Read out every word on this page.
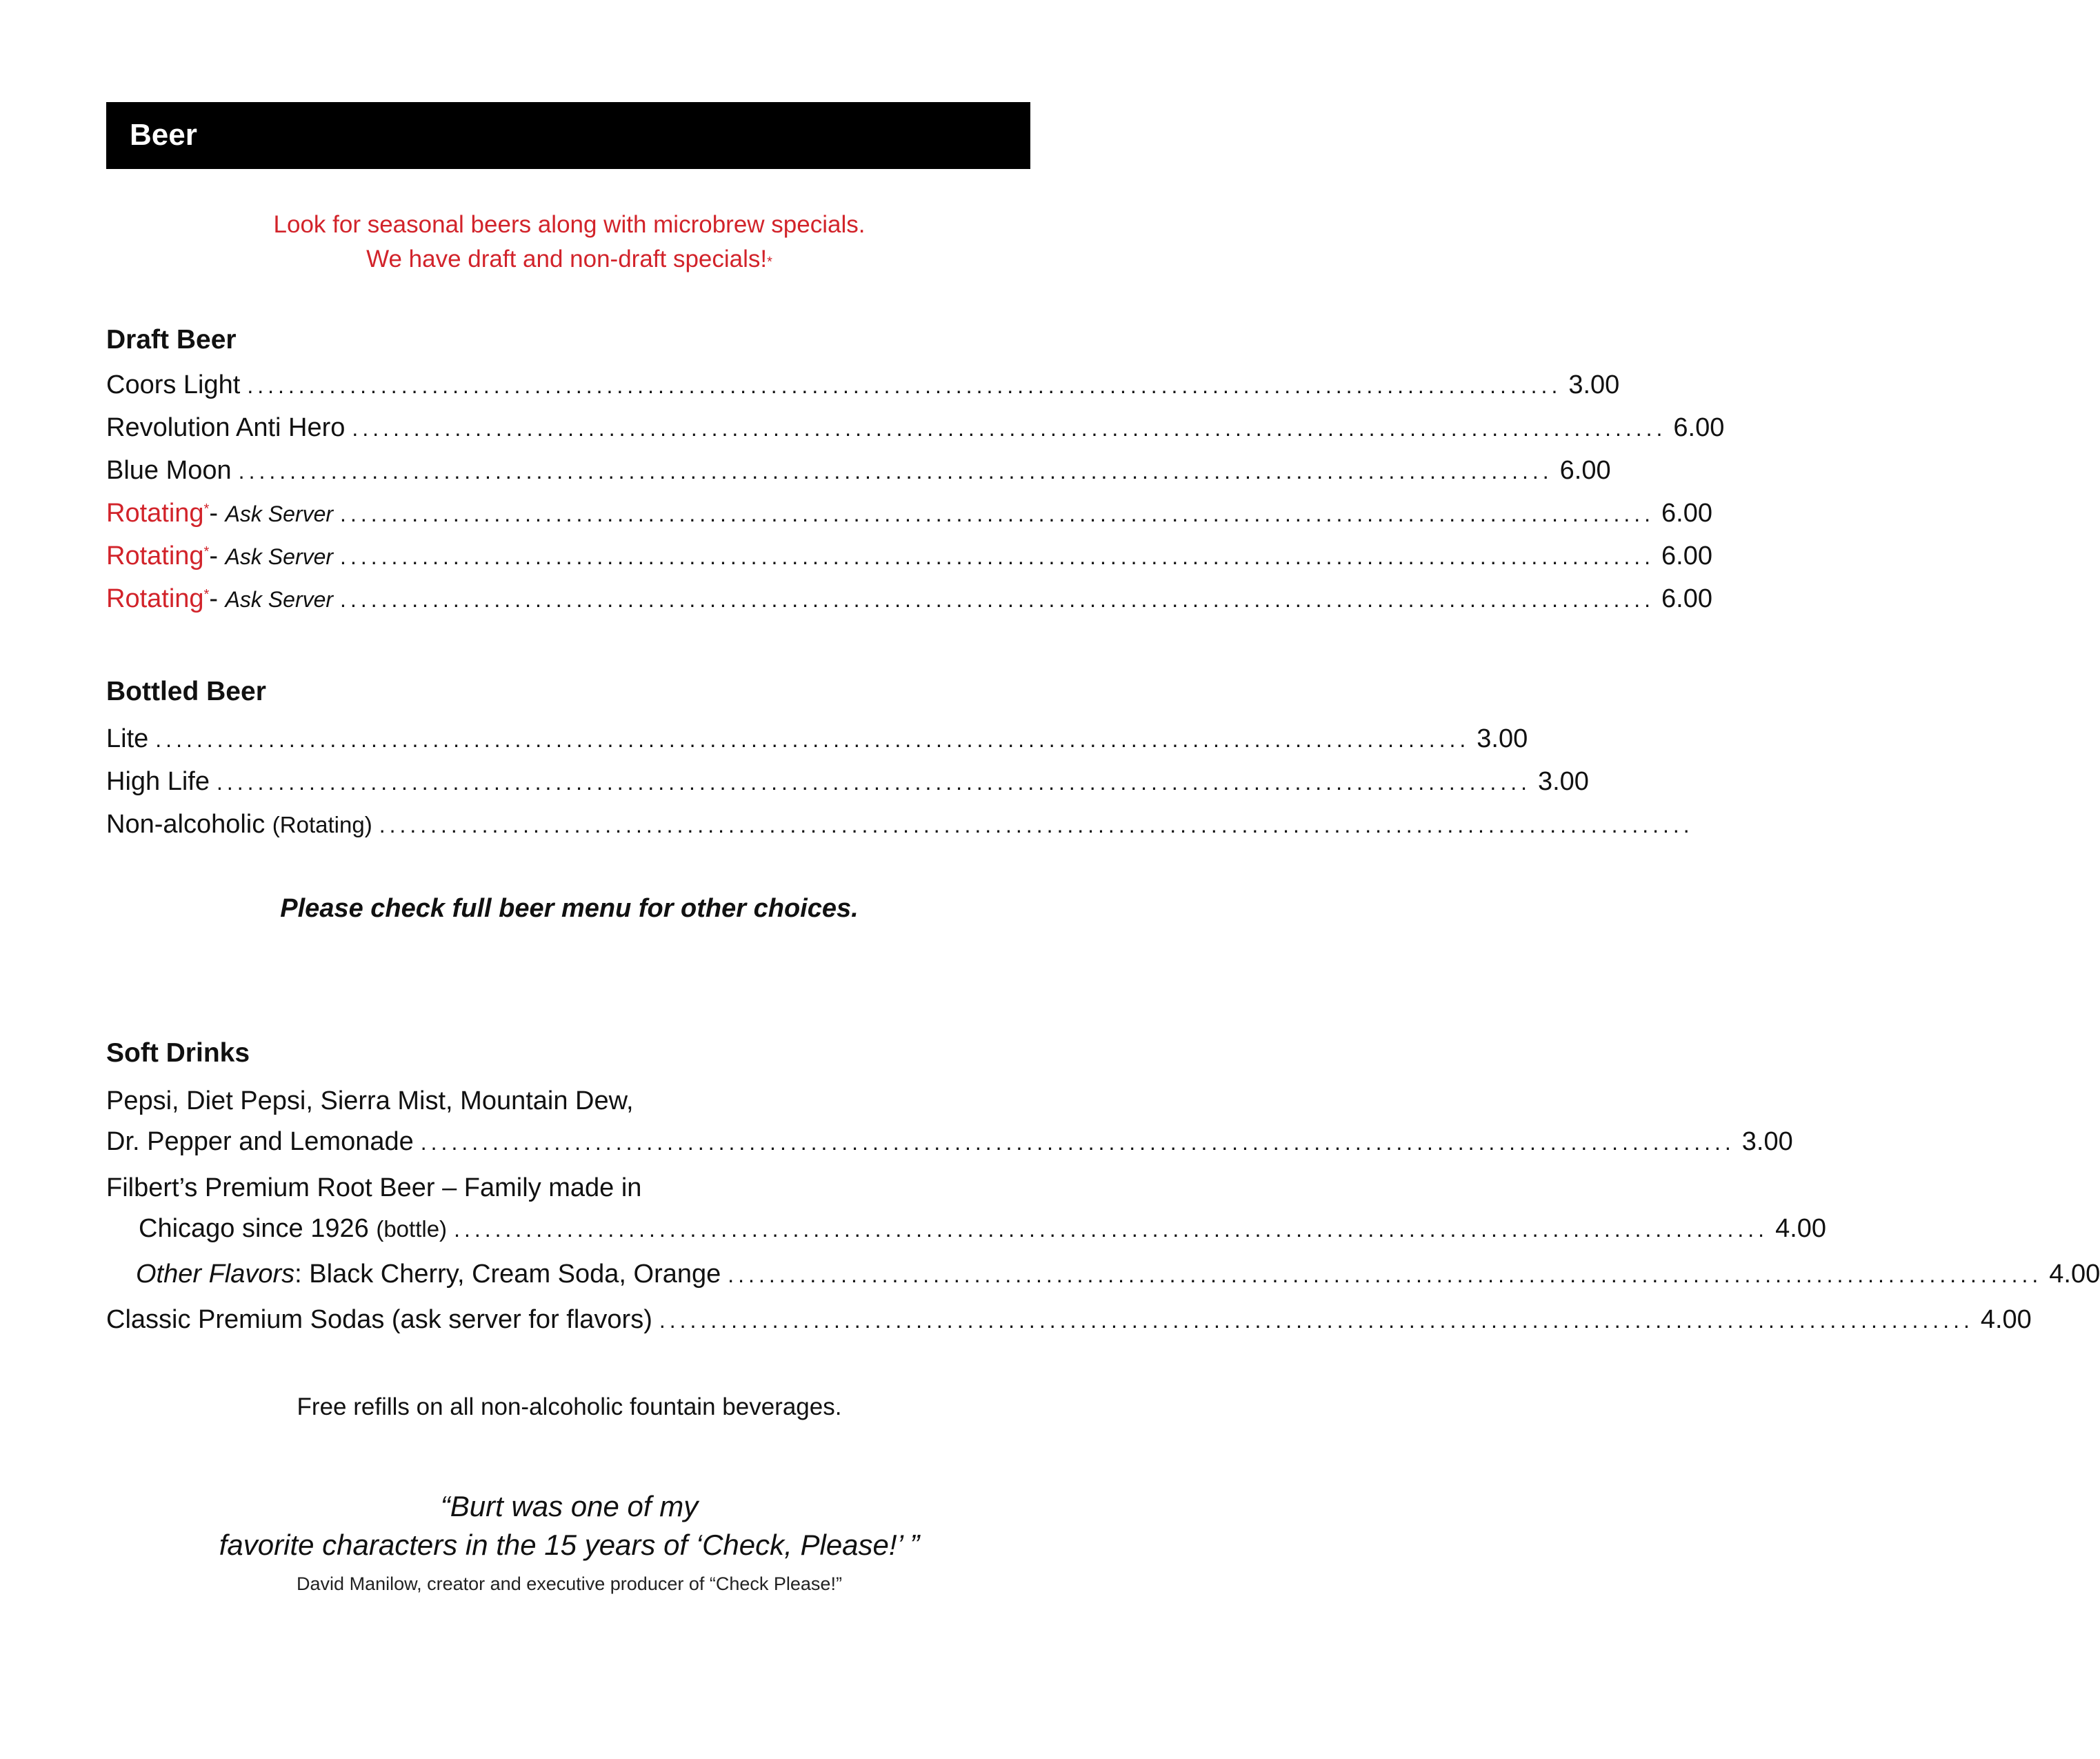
Beer
Look for seasonal beers along with microbrew specials.
We have draft and non-draft specials!*
Draft Beer
Coors Light ................................................................................................................................ 3.00
Revolution Anti Hero ................................................................................................................................ 6.00
Blue Moon ................................................................................................................................ 6.00
Rotating*- Ask Server ................................................................................................................................ 6.00
Rotating*- Ask Server ................................................................................................................................ 6.00
Rotating*- Ask Server ................................................................................................................................ 6.00
Bottled Beer
Lite ................................................................................................................................ 3.00
High Life ................................................................................................................................ 3.00
Non-alcoholic (Rotating) ................................................................................................................................
Please check full beer menu for other choices.
Soft Drinks
Pepsi, Diet Pepsi, Sierra Mist, Mountain Dew,
Dr. Pepper and Lemonade ................................................................................................................................ 3.00
Filbert’s Premium Root Beer – Family made in
Chicago since 1926 (bottle) ................................................................................................................................ 4.00
Other Flavors: Black Cherry, Cream Soda, Orange ................................................................................................................................ 4.00
Classic Premium Sodas (ask server for flavors) ................................................................................................................................ 4.00
Free refills on all non-alcoholic fountain beverages.
“Burt was one of my
favorite characters in the 15 years of ‘Check, Please!’ ”
David Manilow, creator and executive producer of “Check Please!”
